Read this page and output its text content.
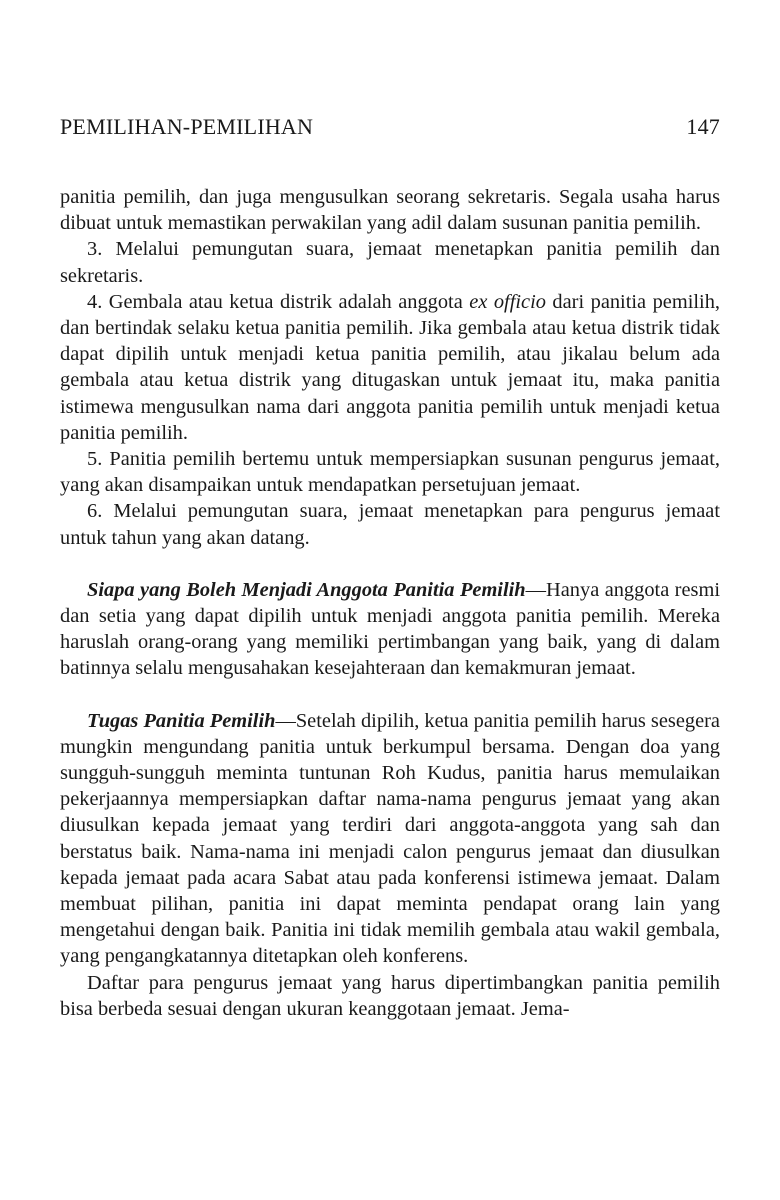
PEMILIHAN-PEMILIHAN	147

panitia pemilih, dan juga mengusulkan seorang sekretaris. Segala usaha harus dibuat untuk memastikan perwakilan yang adil dalam susunan panitia pemilih.

3. Melalui pemungutan suara, jemaat menetapkan panitia pemilih dan sekretaris.

4. Gembala atau ketua distrik adalah anggota ex officio dari panitia pemilih, dan bertindak selaku ketua panitia pemilih. Jika gembala atau ketua distrik tidak dapat dipilih untuk menjadi ketua panitia pemilih, atau jikalau belum ada gembala atau ketua distrik yang ditugaskan untuk jemaat itu, maka panitia istimewa mengusulkan nama dari anggota panitia pemilih untuk menjadi ketua panitia pemilih.

5. Panitia pemilih bertemu untuk mempersiapkan susunan pengurus jemaat, yang akan disampaikan untuk mendapatkan persetujuan jemaat.

6. Melalui pemungutan suara, jemaat menetapkan para pengurus jemaat untuk tahun yang akan datang.

Siapa yang Boleh Menjadi Anggota Panitia Pemilih—Hanya anggota resmi dan setia yang dapat dipilih untuk menjadi anggota panitia pemilih. Mereka haruslah orang-orang yang memiliki pertimbangan yang baik, yang di dalam batinnya selalu mengusahakan kesejahteraan dan kemakmuran jemaat.

Tugas Panitia Pemilih—Setelah dipilih, ketua panitia pemilih harus sesegera mungkin mengundang panitia untuk berkumpul bersama. Dengan doa yang sungguh-sungguh meminta tuntunan Roh Kudus, panitia harus memulaikan pekerjaannya mempersiapkan daftar nama-nama pengurus jemaat yang akan diusulkan kepada jemaat yang terdiri dari anggota-anggota yang sah dan berstatus baik. Nama-nama ini menjadi calon pengurus jemaat dan diusulkan kepada jemaat pada acara Sabat atau pada konferensi istimewa jemaat. Dalam membuat pilihan, panitia ini dapat meminta pendapat orang lain yang mengetahui dengan baik. Panitia ini tidak memilih gembala atau wakil gembala, yang pengangkatannya ditetapkan oleh konferens.

Daftar para pengurus jemaat yang harus dipertimbangkan panitia pemilih bisa berbeda sesuai dengan ukuran keanggotaan jemaat. Jema-
